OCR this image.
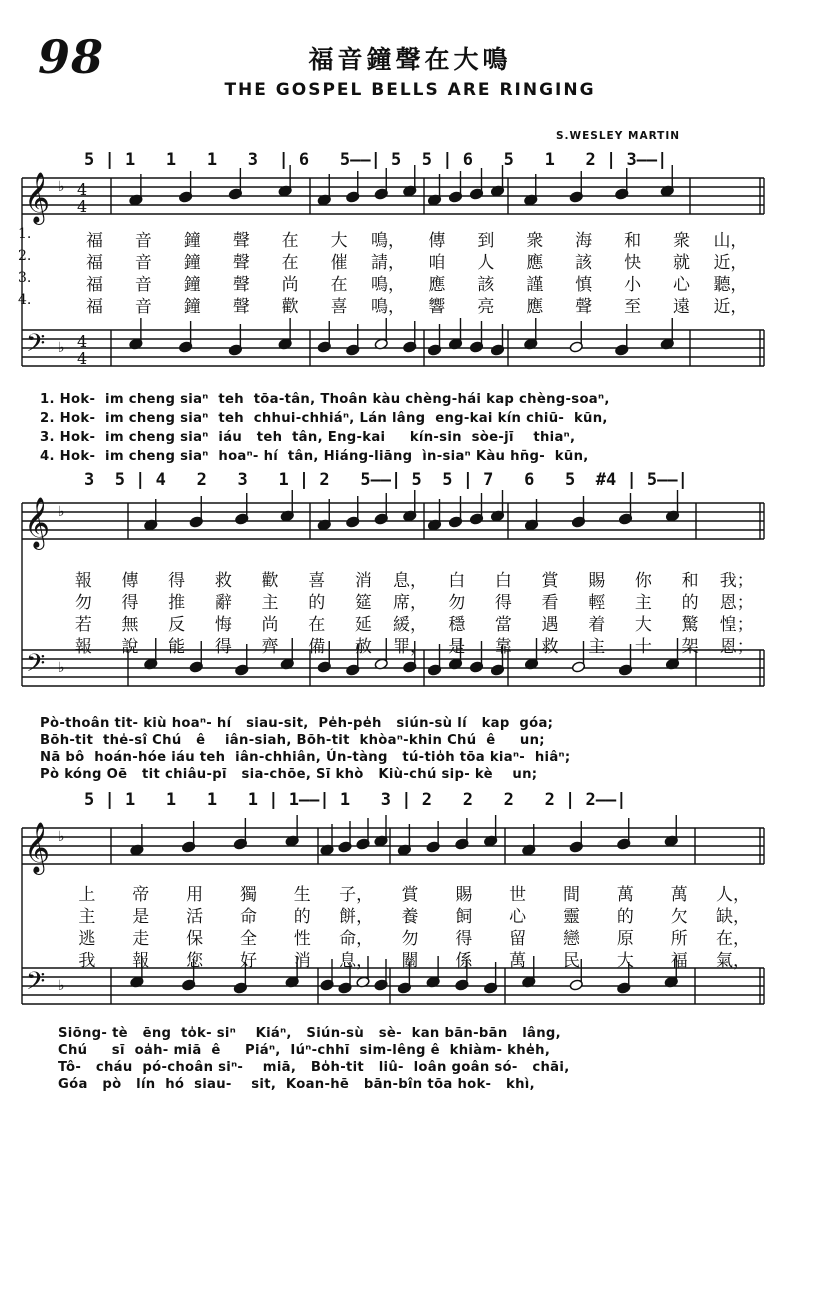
98	福音鐘聲在大鳴
THE GOSPEL BELLS ARE RINGING
S.WESLEY MARTIN
𝄞
𝄢
♭
♭
4
4
4
4
𝄞
𝄢
♭
♭
𝄞
𝄢
♭
♭
5 | 1   1   1   3  | 6   5——| 5  5 | 6   5   1   2 | 3——|
1.
2.
3.
4.
福	音	鐘	聲	在	大	鳴，	傳	到	衆	海	和	衆	山，
福	音	鐘	聲	在	催	請，	咱	人	應	該	快	就	近，
福	音	鐘	聲	尚	在	鳴，	應	該	謹	慎	小	心	聽，
福	音	鐘	聲	歡	喜	鳴，	響	亮	應	聲	至	遠	近，
1. Hok-  im cheng siaⁿ  teh  tōa-tân, Thoân kàu chèng-hái kap chèng-soaⁿ,
2. Hok-  im cheng siaⁿ  teh  chhui-chhiáⁿ, Lán lâng  eng-kai kín chiū-  kūn,
3. Hok-  im cheng siaⁿ  iáu   teh  tân, Eng-kai     kín-sin  sòe-jī    thiaⁿ,
4. Hok-  im cheng siaⁿ  hoaⁿ- hí  tân, Hiáng-liāng  ìn-siaⁿ Kàu hn̄g-  kūn,
3  5 | 4   2   3   1 | 2   5——| 5  5 | 7   6   5  #4 | 5——|
報	傳	得	救	歡	喜	消	息，	白	白	賞	賜	你	和	我；
勿	得	推	辭	主	的	筵	席，	勿	得	看	輕	主	的	恩；
若	無	反	悔	尚	在	延	緩，	穩	當	遇	着	大	驚	惶；
報	說	能	得	齊	備	赦	罪，	是	靠	救	主	十	架	恩；
Pò-thoân tit- kiù hoaⁿ- hí   siau-sit,  Pe̍h-pe̍h   siún-sù lí   kap  góa;
Bōh-tit  the̍-sî Chú   ê    iân-siah, Bōh-tit  khòaⁿ-khin Chú  ê     un;
Nā bô  hoán-hóe iáu teh  iân-chhiân, Ún-tàng   tú-tio̍h tōa kiaⁿ-  hiâⁿ;
Pò kóng Oē   tit chiâu-pī   sia-chōe, Sī khò   Kiù-chú sip- kè    un;
5 | 1   1   1   1 | 1——| 1   3 | 2   2   2   2 | 2——|
上	帝	用	獨	生	子，	賞	賜	世	間	萬	萬	人，
主	是	活	命	的	餅，	養	飼	心	靈	的	欠	缺，
逃	走	保	全	性	命，	勿	得	留	戀	原	所	在，
我	報	您	好	消	息，	關	係	萬	民	大	福	氣，
Siōng- tè   ēng  to̍k- siⁿ    Kiáⁿ,   Siún-sù   sè-  kan bān-bān   lâng,
Chú     sī  oa̍h- miā  ê     Piáⁿ,  Iúⁿ-chhī  sim-lêng ê  khiàm- khe̍h,
Tô-   cháu  pó-choân siⁿ-    miā,   Bo̍h-tit   liû-  loân goân só-   chāi,
Góa   pò   lín  hó  siau-    sit,  Koan-hē   bān-bîn tōa hok-   khì,
